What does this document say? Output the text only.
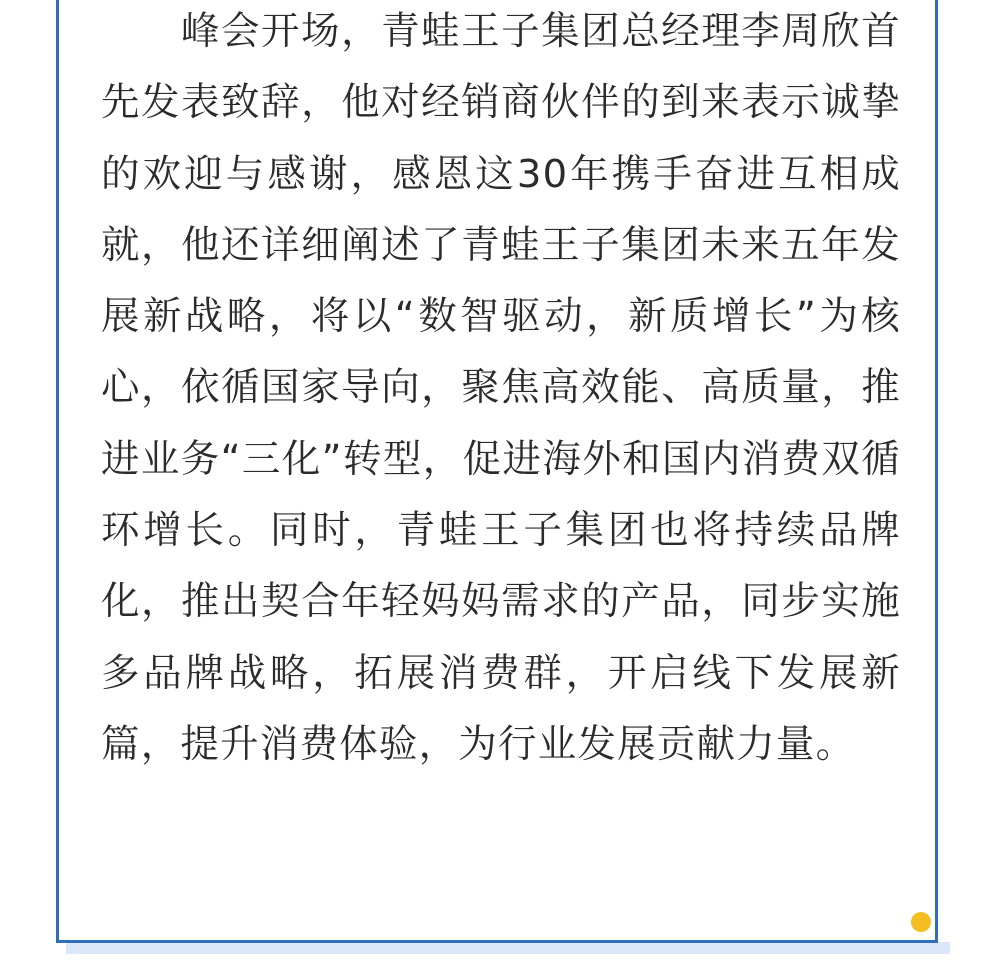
峰会开场，青蛙王子集团总经理李周欣首先发表致辞，他对经销商伙伴的到来表示诚挚的欢迎与感谢，感恩这30年携手奋进互相成就，他还详细阐述了青蛙王子集团未来五年发展新战略，将以“数智驱动，新质增长”为核心，依循国家导向，聚焦高效能、高质量，推进业务“三化”转型，促进海外和国内消费双循环增长。同时，青蛙王子集团也将持续品牌化，推出契合年轻妈妈需求的产品，同步实施多品牌战略，拓展消费群，开启线下发展新篇，提升消费体验，为行业发展贡献力量。
